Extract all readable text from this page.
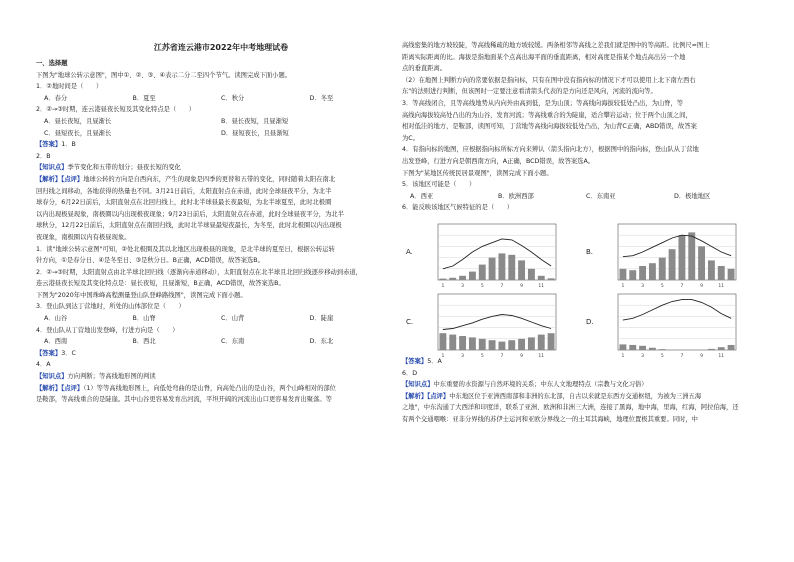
江苏省连云港市2022年中考地理试卷

一、选择题

下图为"地球公转示意图"，图中①、②、③、④表示二分二至四个节气。读图完成下面小题。

1．②地时间是（　　）

A．春分	B．夏至	C．秋分	D．冬至

2．②→③时期，连云港昼夜长短及其变化特点是（　　）

A．昼长夜短，且昼渐长	B．昼长夜短，且昼渐短

C．昼短夜长，且昼渐长	D．昼短夜长，且昼渐短

【答案】1．B

2．B

【知识点】季节变化和五带的划分；昼夜长短的变化

【解析】【点评】地球公转的方向是自西向东，产生的现象是四季的更替和五带的变化，同时随着太阳在南北

回归线之间移动，各地获得的热量也不同。3月21日前后，太阳直射点在赤道，此时全球昼夜平分，为北半

球春分，6月22日前后，太阳直射点在北回归线上，此时北半球昼最长夜最短，为北半球夏至，此时北极圈

以内出现极昼现象，南极圈以内出现极夜现象；9月23日前后，太阳直射点在赤道，此时全球昼夜平分，为北半

球秋分，12月22日前后，太阳直射点在南回归线，此时北半球昼最短夜最长，为冬至，此时北极圈以内出现极

夜现象，南极圈以内有极昼现象。

1．读"地球公转示意图"可知，②处北极圈及其以北地区出现极昼的现象，是北半球的夏至日，根据公转运转

针方向，①是春分日、④是冬至日、③是秋分日。B正确，ACD错误，故答案选B。

2．②→③时期，太阳直射点由北半球北回归线（逐渐向赤道移动），太阳直射点在北半球且北回归线逐步移动到赤道，

连云港昼夜长短及其变化特点是：昼长夜短，且昼渐短，B正确，ACD错误，故答案选B。

下图为"2020年中国珠峰高程测量登山队登峰路线图"，读图完成下面小题。

3．登山队到达丁营地时，所处的山体部位是（　　）

A．山谷	B．山脊	C．山背	D．陡崖

4．登山队从丁营地出发登峰，行进方向是（　　）

A．西南	B．西北	C．东南	D．东北

【答案】3．C

4．A

【知识点】方向判断；等高线地形图的判读

【解析】【点评】（1）等等高线地形图上，向低处弯曲的是山脊，向高处凸出的是山谷，两个山峰相对的部位

是鞍部，等高线重合的是陡崖。其中山谷更容易发育出河流，平坦开阔的河流出山口更容易发育出聚落。等

高线密集的地方坡较陡，等高线稀疏的地方坡较缓。两条相邻等高线之差我们就是图中的等高距。比例尺=图上

距离实际距离的比。海拔是指地面某个点高出海平面的垂直距离，相对高度是指某个地点高出另一个地

点的垂直距离。

（2）在地图上判断方向的常要依据是指向标，只有在图中没有指向标的情况下才可以使用上北下南左西右

东"的法则进行判断，但该图时一定要注意看清箭头代表的是方向还是风向，河流的流向等。

3．等高线闭合，且等高线地势从内向外由高到低，是为山顶；等高线向海拔较低处凸出，为山脊，等

高线向海拔较高处凸出的为山谷，发育河流；等高线重合的为陡崖，适合攀岩运动；位于两个山顶之间，

相对低洼的地方，是鞍部，读图可知，丁营地等高线向海拔较低处凸出，为山背C正确，ABD错误，故答案

为C。

4．有指向标的地图，应根据指向标所标方向来辨认（箭头指向北方），根据图中的指向标，登山队从丁营地

出发登峰，行进方向是朝西南方向，A正确，BCD错误，故答案选A。

下图为"某地区传统民居景观图"，读图完成下面小题。

5．该地区可能是（　　）

A．西亚	B．欧洲西部	C．东南亚	D．极地地区

6．能反映该地区气候特征的是（　　）

A.
1	3	5	7	9	11
B.
1	3	5	7	9	11
C.
1	3	5	7	9	11
D.
1	3	5	7	9	11

【答案】5．A

6．D

【知识点】中东重要的水资源与自然环境的关系；中东人文地理特点（宗教与文化习俗）

【解析】【点评】中东地区位于亚洲西南部和非洲的东北部，自古以来就是东西方交通枢纽，为被为三洲五海

之地"，中东沟通了大西洋和印度洋，联系了亚洲、欧洲和非洲三大洲，连接了黑海，地中海，里海，红海，阿拉伯海，还

有两个交通咽喉：亚非分界线的苏伊士运河和亚欧分界线之一的土耳其海峡，地理位置极其重要。同时，中
